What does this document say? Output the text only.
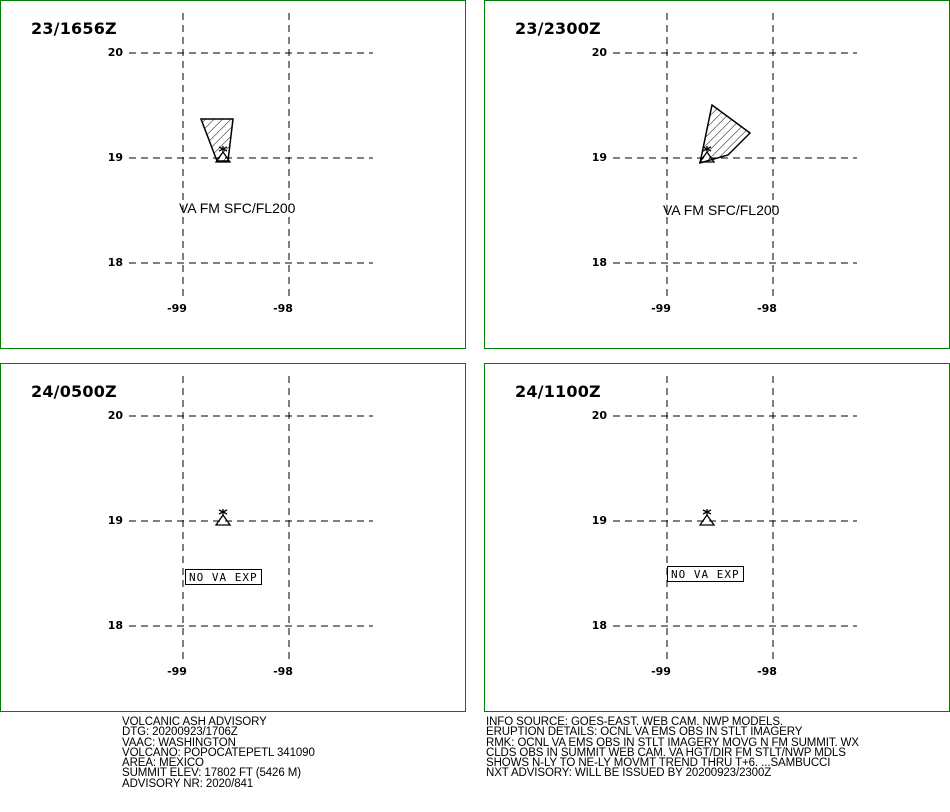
23/1656Z
20
19
18
-99	-98
VA FM SFC/FL200
23/2300Z
20
19
18
-99	-98
VA FM SFC/FL200
24/0500Z
20
19
18
-99	-98
NO VA EXP
24/1100Z
20
19
18
-99	-98
NO VA EXP
VOLCANIC ASH ADVISORY
DTG: 20200923/1706Z
VAAC: WASHINGTON
VOLCANO: POPOCATEPETL 341090
AREA: MEXICO
SUMMIT ELEV: 17802 FT (5426 M)
ADVISORY NR: 2020/841
INFO SOURCE: GOES-EAST. WEB CAM. NWP MODELS.
ERUPTION DETAILS: OCNL VA EMS OBS IN STLT IMAGERY
RMK: OCNL VA EMS OBS IN STLT IMAGERY MOVG N FM SUMMIT. WX
CLDS OBS IN SUMMIT WEB CAM. VA HGT/DIR FM STLT/NWP MDLS
SHOWS N-LY TO NE-LY MOVMT TREND THRU T+6. ...SAMBUCCI
NXT ADVISORY: WILL BE ISSUED BY 20200923/2300Z
